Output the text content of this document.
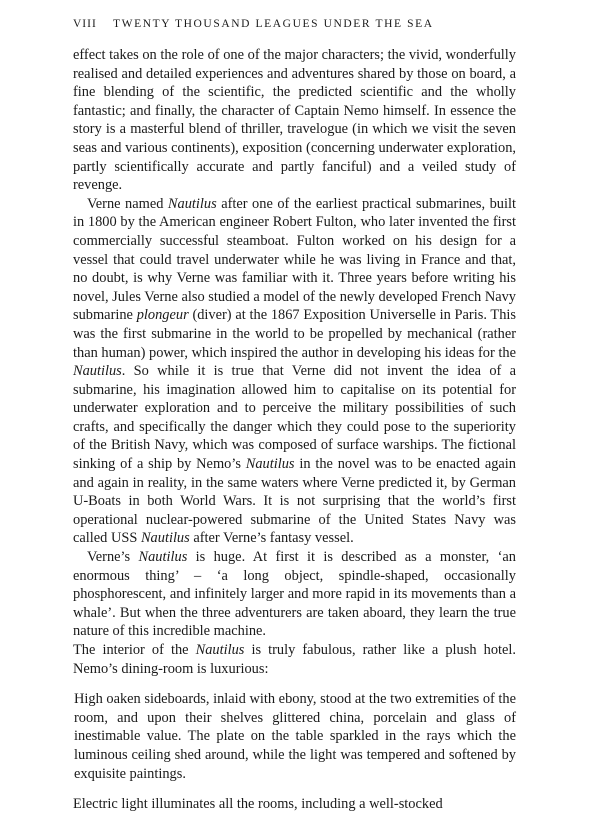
VIII	TWENTY THOUSAND LEAGUES UNDER THE SEA

effect takes on the role of one of the major characters; the vivid, wonderfully realised and detailed experiences and adventures shared by those on board, a fine blending of the scientific, the predicted scientific and the wholly fantastic; and finally, the character of Captain Nemo himself. In essence the story is a masterful blend of thriller, travelogue (in which we visit the seven seas and various continents), exposition (concerning underwater exploration, partly scientifically accurate and partly fanciful) and a veiled study of revenge.

Verne named Nautilus after one of the earliest practical submarines, built in 1800 by the American engineer Robert Fulton, who later invented the first commercially successful steamboat. Fulton worked on his design for a vessel that could travel underwater while he was living in France and that, no doubt, is why Verne was familiar with it. Three years before writing his novel, Jules Verne also studied a model of the newly developed French Navy submarine plongeur (diver) at the 1867 Exposition Universelle in Paris. This was the first submarine in the world to be propelled by mechanical (rather than human) power, which inspired the author in developing his ideas for the Nautilus. So while it is true that Verne did not invent the idea of a submarine, his imagination allowed him to capitalise on its potential for underwater exploration and to perceive the military possibilities of such crafts, and specifically the danger which they could pose to the superiority of the British Navy, which was composed of surface warships. The fictional sinking of a ship by Nemo’s Nautilus in the novel was to be enacted again and again in reality, in the same waters where Verne predicted it, by German U-Boats in both World Wars. It is not surprising that the world’s first operational nuclear-powered submarine of the United States Navy was called USS Nautilus after Verne’s fantasy vessel.

Verne’s Nautilus is huge. At first it is described as a monster, ‘an enormous thing’ – ‘a long object, spindle-shaped, occasionally phosphorescent, and infinitely larger and more rapid in its movements than a whale’. But when the three adventurers are taken aboard, they learn the true nature of this incredible machine.

The interior of the Nautilus is truly fabulous, rather like a plush hotel. Nemo’s dining-room is luxurious:

High oaken sideboards, inlaid with ebony, stood at the two extremities of the room, and upon their shelves glittered china, porcelain and glass of inestimable value. The plate on the table sparkled in the rays which the luminous ceiling shed around, while the light was tempered and softened by exquisite paintings.

Electric light illuminates all the rooms, including a well-stocked
